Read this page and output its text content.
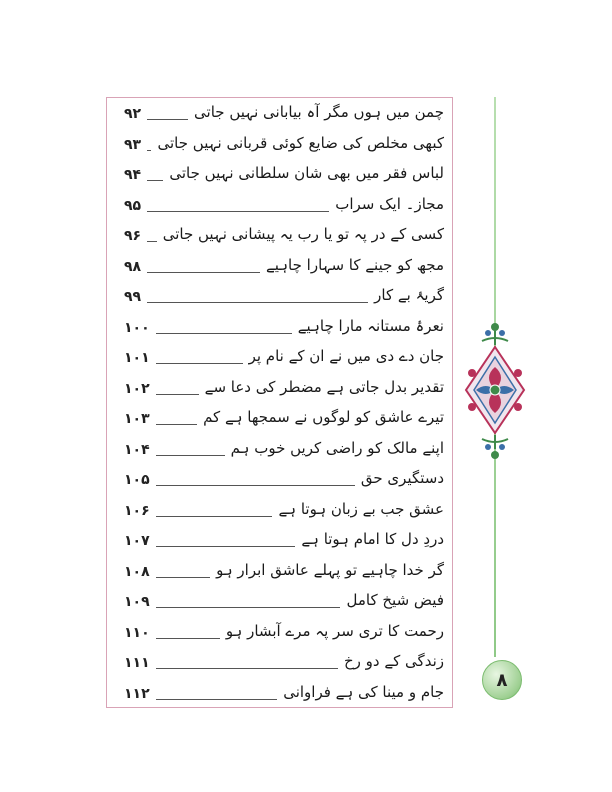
۹۲	چمن میں ہوں مگر آہ بیابانی نہیں جاتی
۹۳ کبھی مخلص کی ضایع کوئی قربانی نہیں جاتی
۹۴ لباس فقر میں بھی شان سلطانی نہیں جاتی
۹۵	مجاز۔ ایک سراب
۹۶ کسی کے در پہ تو یا رب یہ پیشانی نہیں جاتی
۹۸	مجھ کو جینے کا سہارا چاہیے
۹۹	گریۂ بے کار
۱۰۰	نعرۂ مستانہ مارا چاہیے
۱۰۱	جان دے دی میں نے ان کے نام پر
۱۰۲	تقدیر بدل جاتی ہے مضطر کی دعا سے
۱۰۳	تیرے عاشق کو لوگوں نے سمجھا ہے کم
۱۰۴	اپنے مالک کو راضی کریں خوب ہم
۱۰۵	دستگیری حق
۱۰۶	عشق جب بے زبان ہوتا ہے
۱۰۷	دردِ دل کا امام ہوتا ہے
۱۰۸	گر خدا چاہیے تو پہلے عاشق ابرار ہو
۱۰۹	فیض شیخ کامل
۱۱۰	رحمت کا تری سر پہ مرے آبشار ہو
۱۱۱	زندگی کے دو رخ
۱۱۲	جام و مینا کی ہے فراوانی
۸
